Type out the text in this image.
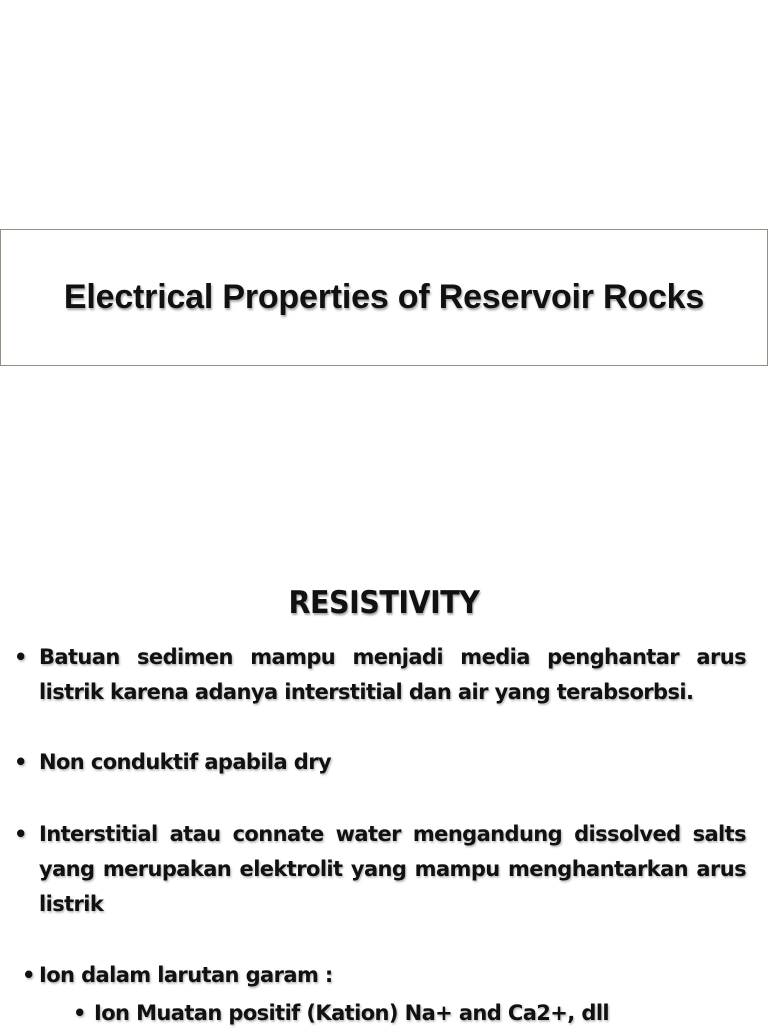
Electrical Properties of Reservoir Rocks
RESISTIVITY
• Batuan sedimen mampu menjadi media penghantar arus listrik karena adanya interstitial dan air yang terabsorbsi.
• Non conduktif apabila dry
• Interstitial atau connate water mengandung dissolved salts yang merupakan elektrolit yang mampu menghantarkan arus listrik
• Ion dalam larutan garam :
• Ion Muatan positif (Kation) Na+ and Ca2+, dll
